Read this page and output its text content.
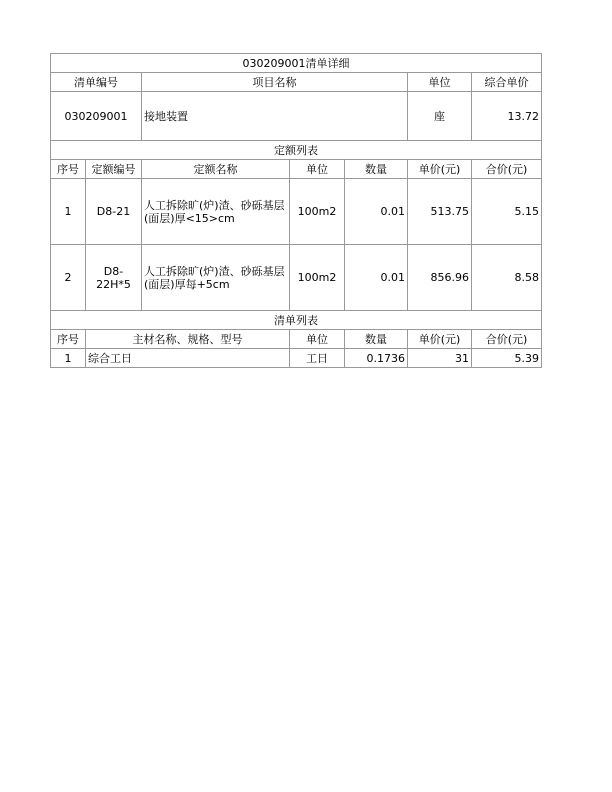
030209001清单详细						
清单编号		项目名称			单位	综合单价
030209001		接地装置			座	13.72
定额列表						
序号	定额编号	定额名称	单位	数量	单价(元)	合价(元)
1	D8-21	人工拆除旷(炉)渣、砂砾基层(面层)厚<15>cm	100m2	0.01	513.75	5.15
2	D8-22H*5	人工拆除旷(炉)渣、砂砾基层(面层)厚每+5cm	100m2	0.01	856.96	8.58
清单列表						
序号	主材名称、规格、型号		单位	数量	单价(元)	合价(元)
1	综合工日		工日	0.1736	31	5.39
